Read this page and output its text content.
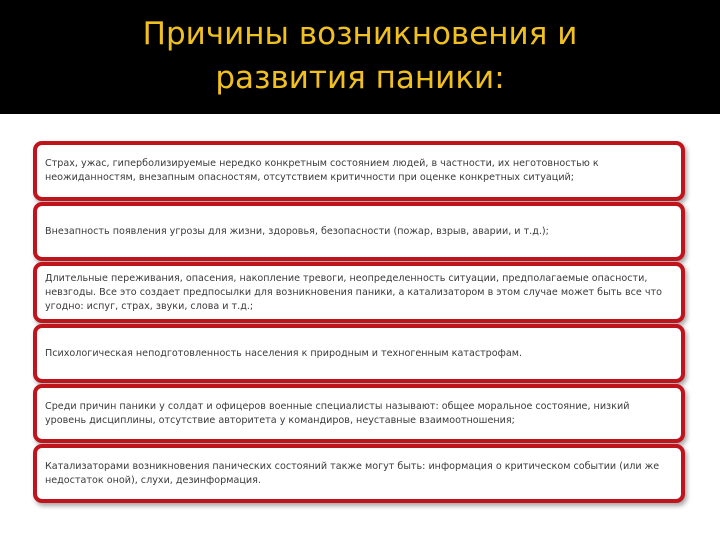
Причины возникновения и
развития паники:
Страх, ужас, гиперболизируемые нередко конкретным состоянием людей, в частности, их неготовностью к неожиданностям, внезапным опасностям, отсутствием критичности при оценке конкретных ситуаций;
Внезапность появления угрозы для жизни, здоровья, безопасности (пожар, взрыв, аварии, и т.д.);
Длительные переживания, опасения, накопление тревоги, неопределенность ситуации, предполагаемые опасности, невзгоды. Все это создает предпосылки для возникновения паники, а катализатором в этом случае может быть все что угодно: испуг, страх, звуки, слова и т.д.;
Психологическая неподготовленность населения к природным и техногенным катастрофам.
Среди причин паники у солдат и офицеров военные специалисты называют: общее моральное состояние, низкий уровень дисциплины, отсутствие авторитета у командиров, неуставные взаимоотношения;
Катализаторами возникновения панических состояний также могут быть: информация о критическом событии (или же недостаток оной), слухи, дезинформация.
